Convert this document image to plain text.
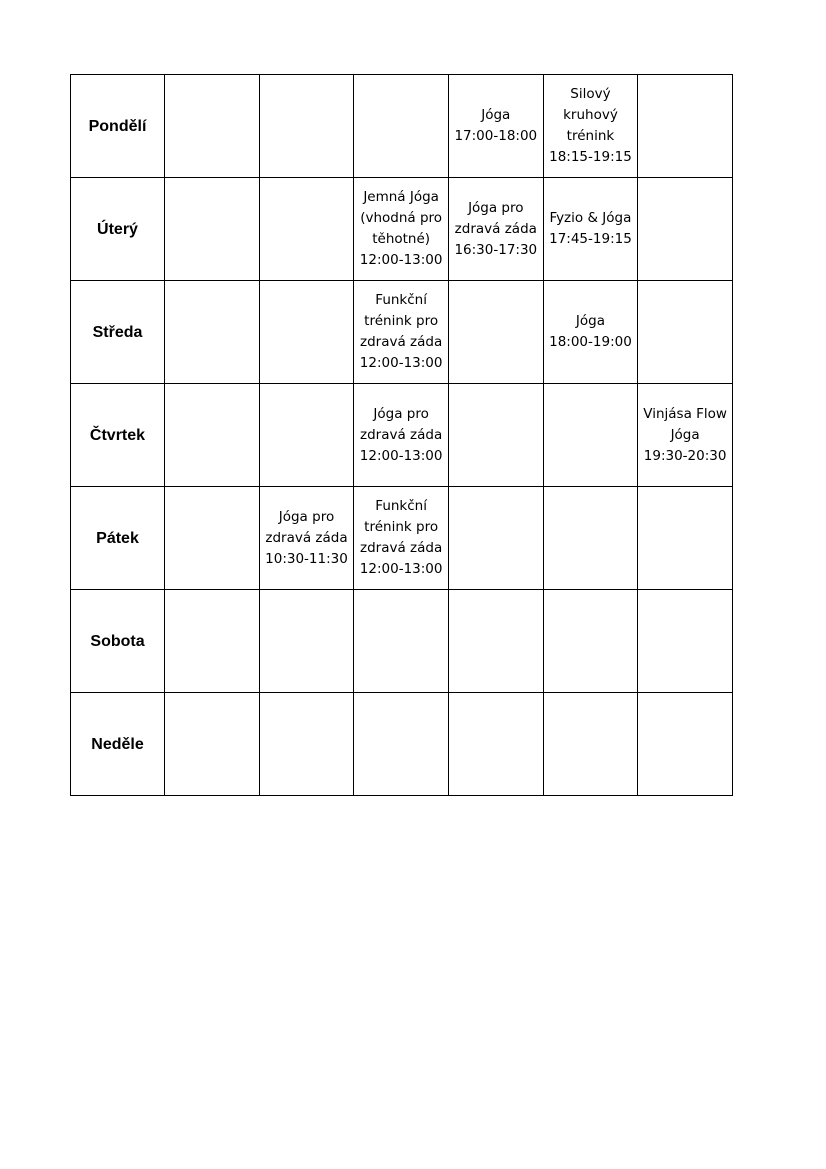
Pondělí				Jóga
17:00-18:00	Silový
kruhový
trénink
18:15-19:15	

Úterý			Jemná Jóga
(vhodná pro
těhotné)
12:00-13:00	Jóga pro
zdravá záda
16:30-17:30	Fyzio & Jóga
17:45-19:15	

Středa			Funkční
trénink pro
zdravá záda
12:00-13:00		Jóga
18:00-19:00	

Čtvrtek			Jóga pro
zdravá záda
12:00-13:00			Vinjása Flow
Jóga
19:30-20:30

Pátek		Jóga pro
zdravá záda
10:30-11:30	Funkční
trénink pro
zdravá záda
12:00-13:00			

Sobota						
Neděle						
